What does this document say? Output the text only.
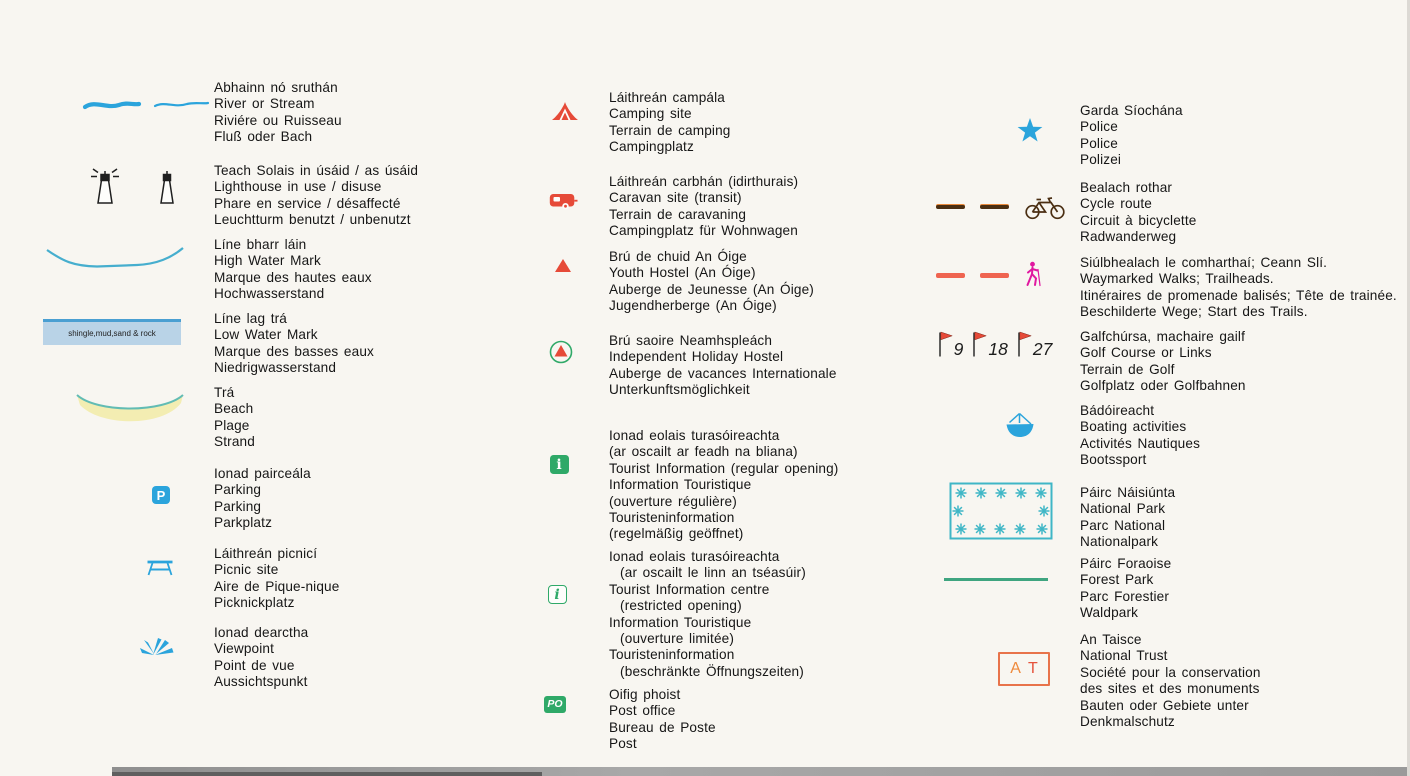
Abhainn nó sruthán
River or Stream
Riviére ou Ruisseau
Fluß oder Bach
Teach Solais in úsáid / as úsáid
Lighthouse in use / disuse
Phare en service / désaffecté
Leuchtturm benutzt / unbenutzt
Líne bharr láin
High Water Mark
Marque des hautes eaux
Hochwasserstand
shingle,mud,sand & rock
Líne lag trá
Low Water Mark
Marque des basses eaux
Niedrigwasserstand
Trá
Beach
Plage
Strand
P
Ionad pairceála
Parking
Parking
Parkplatz
Láithreán picnicí
Picnic site
Aire de Pique-nique
Picknickplatz
Ionad dearctha
Viewpoint
Point de vue
Aussichtspunkt
Láithreán campála
Camping site
Terrain de camping
Campingplatz
Láithreán carbhán (idirthurais)
Caravan site (transit)
Terrain de caravaning
Campingplatz für Wohnwagen
Brú de chuid An Óige
Youth Hostel (An Óige)
Auberge de Jeunesse (An Óige)
Jugendherberge (An Óige)
Brú saoire Neamhspleách
Independent Holiday Hostel
Auberge de vacances Internationale
Unterkunftsmöglichkeit
i
Ionad eolais turasóireachta
(ar oscailt ar feadh na bliana)
Tourist Information (regular opening)
Information Touristique
(ouverture régulière)
Touristeninformation
(regelmäßig geöffnet)
i
Ionad eolais turasóireachta
(ar oscailt le linn an tséasúir)
Tourist Information centre
(restricted opening)
Information Touristique
(ouverture limitée)
Touristeninformation
(beschränkte Öffnungszeiten)
PO
Oifig phoist
Post office
Bureau de Poste
Post
Garda Síochána
Police
Police
Polizei
Bealach rothar
Cycle route
Circuit à bicyclette
Radwanderweg
Siúlbhealach le comharthaí; Ceann Slí.
Waymarked Walks; Trailheads.
Itinéraires de promenade balisés; Tête de trainée.
Beschilderte Wege; Start des Trails.
9 18 27
Galfchúrsa, machaire gailf
Golf Course or Links
Terrain de Golf
Golfplatz oder Golfbahnen
Bádóireacht
Boating activities
Activités Nautiques
Bootssport
Páirc Náisiúnta
National Park
Parc National
Nationalpark
Páirc Foraoise
Forest Park
Parc Forestier
Waldpark
A T
An Taisce
National Trust
Société pour la conservation
des sites et des monuments
Bauten oder Gebiete unter
Denkmalschutz
